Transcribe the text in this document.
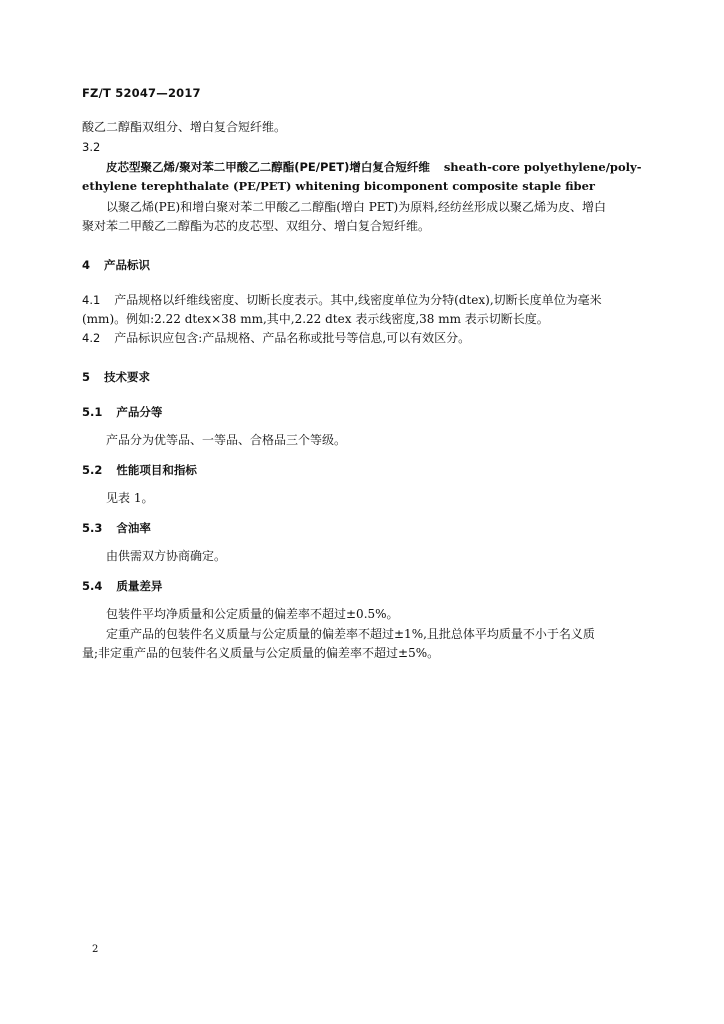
FZ/T 52047—2017
酸乙二醇酯双组分、增白复合短纤维。
3.2
皮芯型聚乙烯/聚对苯二甲酸乙二醇酯(PE/PET)增白复合短纤维 sheath-core polyethylene/poly-
ethylene terephthalate (PE/PET) whitening bicomponent composite staple fiber
以聚乙烯(PE)和增白聚对苯二甲酸乙二醇酯(增白 PET)为原料,经纺丝形成以聚乙烯为皮、增白
聚对苯二甲酸乙二醇酯为芯的皮芯型、双组分、增白复合短纤维。
4 产品标识
4.1 产品规格以纤维线密度、切断长度表示。其中,线密度单位为分特(dtex),切断长度单位为毫米
(mm)。例如:2.22 dtex×38 mm,其中,2.22 dtex 表示线密度,38 mm 表示切断长度。
4.2 产品标识应包含:产品规格、产品名称或批号等信息,可以有效区分。
5 技术要求
5.1 产品分等
产品分为优等品、一等品、合格品三个等级。
5.2 性能项目和指标
见表 1。
5.3 含油率
由供需双方协商确定。
5.4 质量差异
包装件平均净质量和公定质量的偏差率不超过±0.5%。
定重产品的包装件名义质量与公定质量的偏差率不超过±1%,且批总体平均质量不小于名义质
量;非定重产品的包装件名义质量与公定质量的偏差率不超过±5%。
2
